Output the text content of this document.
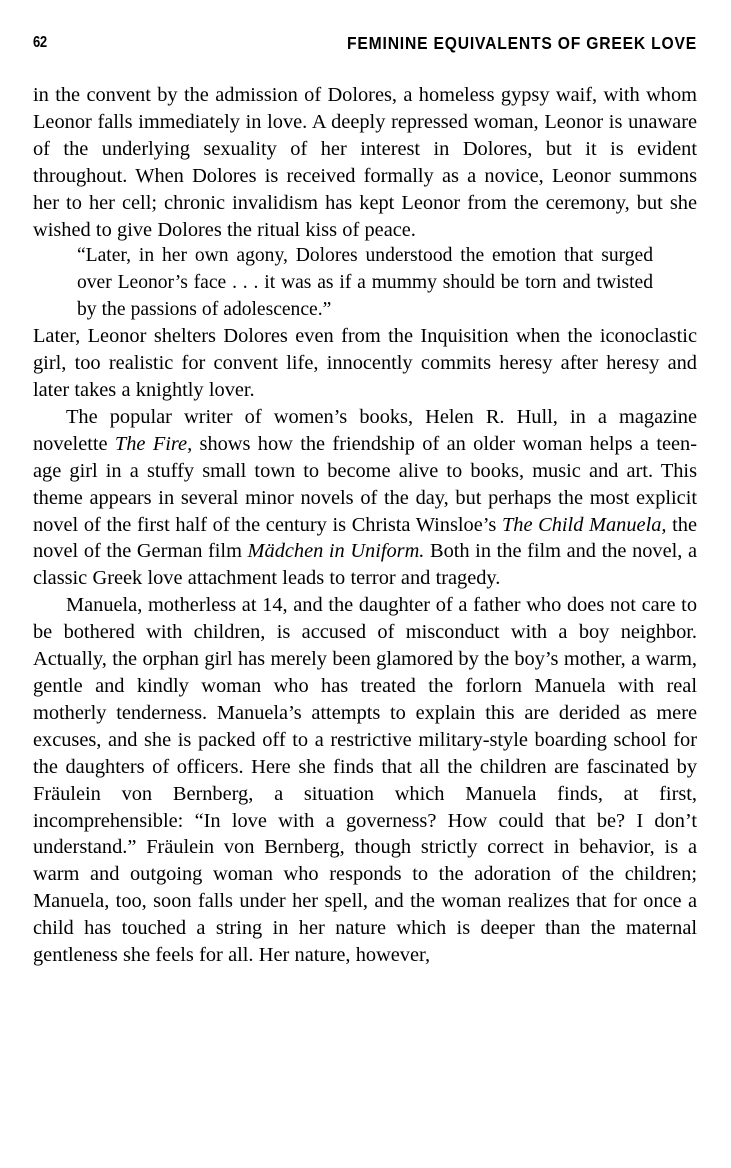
62	FEMININE EQUIVALENTS OF GREEK LOVE

in the convent by the admission of Dolores, a homeless gypsy waif, with whom Leonor falls immediately in love. A deeply repressed woman, Leonor is unaware of the underlying sexuality of her interest in Dolores, but it is evident throughout. When Dolores is received formally as a novice, Leonor summons her to her cell; chronic invalidism has kept Leonor from the ceremony, but she wished to give Dolores the ritual kiss of peace.

“Later, in her own agony, Dolores understood the emotion that surged over Leonor’s face . . . it was as if a mummy should be torn and twisted by the passions of adolescence.”

Later, Leonor shelters Dolores even from the Inquisition when the iconoclastic girl, too realistic for convent life, innocently commits heresy after heresy and later takes a knightly lover.

The popular writer of women’s books, Helen R. Hull, in a magazine novelette The Fire, shows how the friendship of an older woman helps a teen-age girl in a stuffy small town to become alive to books, music and art. This theme appears in several minor novels of the day, but perhaps the most explicit novel of the first half of the century is Christa Winsloe’s The Child Manuela, the novel of the German film Mädchen in Uniform. Both in the film and the novel, a classic Greek love attachment leads to terror and tragedy.

Manuela, motherless at 14, and the daughter of a father who does not care to be bothered with children, is accused of misconduct with a boy neighbor. Actually, the orphan girl has merely been glamored by the boy’s mother, a warm, gentle and kindly woman who has treated the forlorn Manuela with real motherly tenderness. Manuela’s attempts to explain this are derided as mere excuses, and she is packed off to a restrictive military-style boarding school for the daughters of officers. Here she finds that all the children are fascinated by Fräulein von Bernberg, a situation which Manuela finds, at first, incomprehensible: “In love with a governess? How could that be? I don’t understand.” Fräulein von Bernberg, though strictly correct in behavior, is a warm and outgoing woman who responds to the adoration of the children; Manuela, too, soon falls under her spell, and the woman realizes that for once a child has touched a string in her nature which is deeper than the maternal gentleness she feels for all. Her nature, however,
